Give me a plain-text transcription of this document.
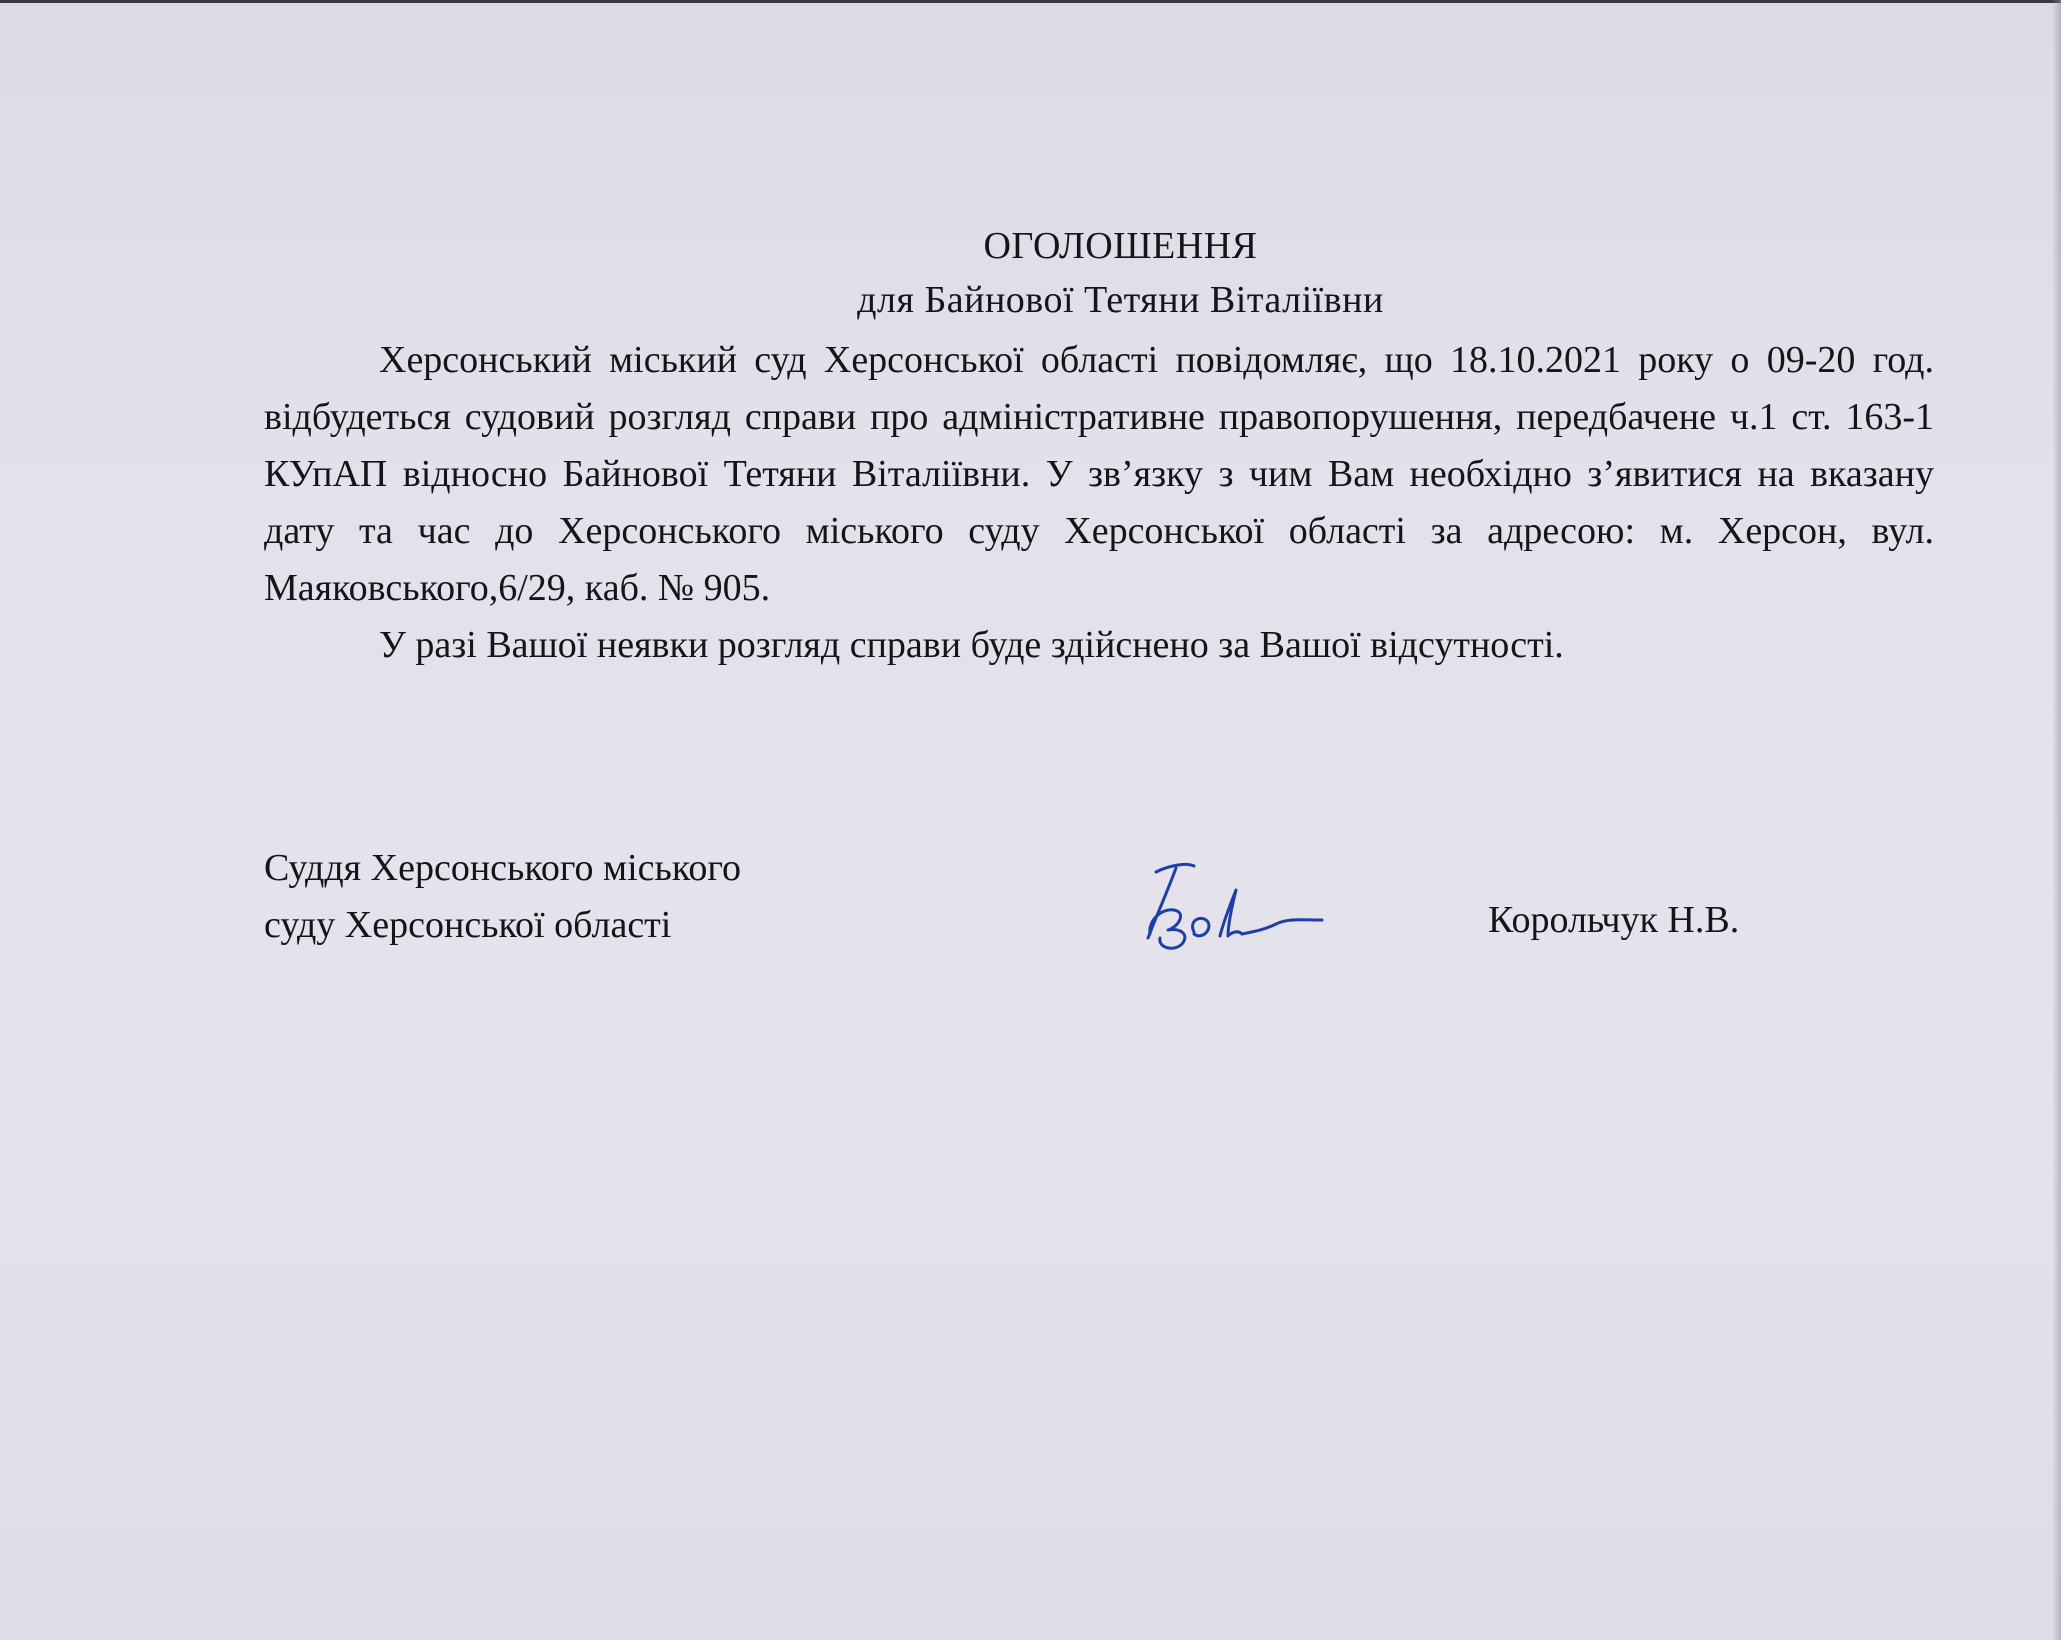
ОГОЛОШЕННЯ
для Байнової Тетяни Віталіївни

Херсонський міський суд Херсонської області повідомляє, що 18.10.2021 року о 09-20 год. відбудеться судовий розгляд справи про адміністративне правопорушення, передбачене ч.1 ст. 163-1 КУпАП відносно Байнової Тетяни Віталіївни. У зв’язку з чим Вам необхідно з’явитися на вказану дату та час до Херсонського міського суду Херсонської області за адресою: м. Херсон, вул. Маяковського,6/29, каб. № 905.

У разі Вашої неявки розгляд справи буде здійснено за Вашої відсутності.

Суддя Херсонського міського
суду Херсонської області	Корольчук Н.В.
